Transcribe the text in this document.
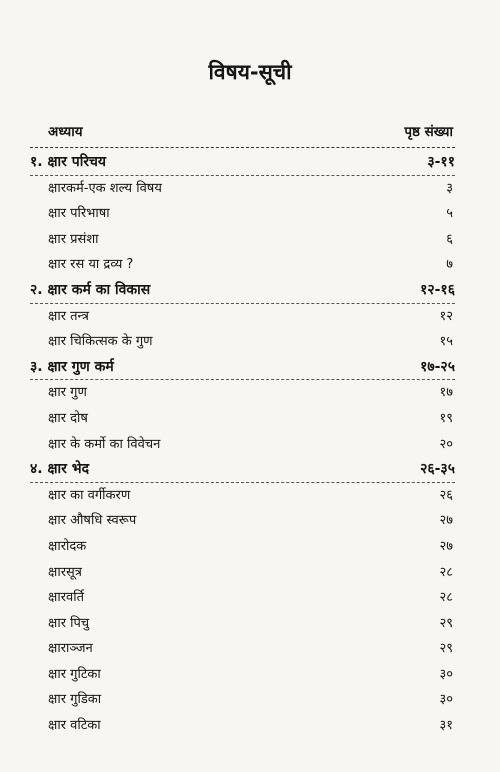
विषय-सूची
अध्याय	पृष्ठ संख्या
१. क्षार परिचय	३-११
क्षारकर्म-एक शल्य विषय	३
क्षार परिभाषा	५
क्षार प्रसंशा	६
क्षार रस या द्रव्य ?	७
२. क्षार कर्म का विकास	१२-१६
क्षार तन्त्र	१२
क्षार चिकित्सक के गुण	१५
३. क्षार गुण कर्म	१७-२५
क्षार गुण	१७
क्षार दोष	१९
क्षार के कर्मो का विवेचन	२०
४. क्षार भेद	२६-३५
क्षार का वर्गीकरण	२६
क्षार औषधि स्वरूप	२७
क्षारोदक	२७
क्षारसूत्र	२८
क्षारवर्ति	२८
क्षार पिचु	२९
क्षाराञ्जन	२९
क्षार गुटिका	३०
क्षार गुडिका	३०
क्षार वटिका	३१
